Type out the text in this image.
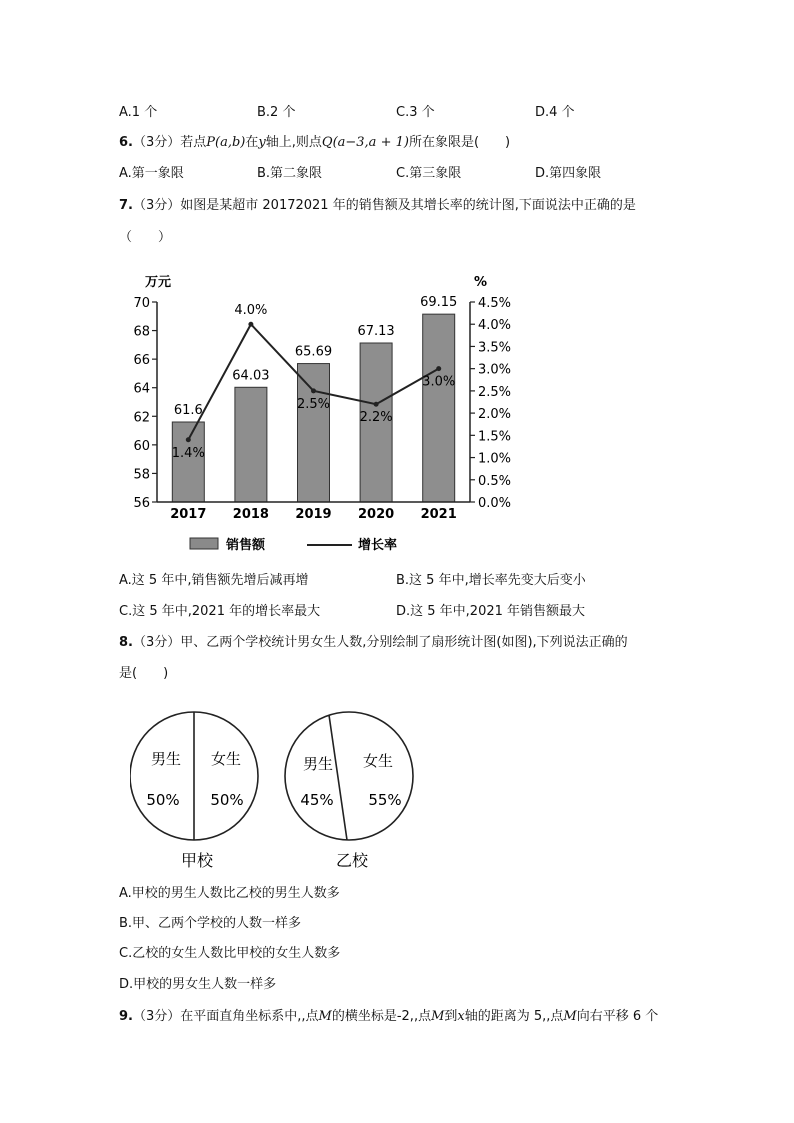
A.1 个	B.2 个	C.3 个	D.4 个
6.（3分）若点P(a,b)在y轴上,则点Q(a−3,a + 1)所在象限是(　　)
A.第一象限	B.第二象限	C.第三象限	D.第四象限
7.（3分）如图是某超市 20172021 年的销售额及其增长率的统计图,下面说法中正确的是
（　　）
56
58
60
62
64
66
68
70
0.0%
0.5%
1.0%
1.5%
2.0%
2.5%
3.0%
3.5%
4.0%
4.5%
61.6
2017
64.03
2018
65.69
2019
67.13
2020
69.15
2021
1.4%
4.0%
2.5%
2.2%
3.0%
万元	%
销售额	增长率
A.这 5 年中,销售额先增后减再增	B.这 5 年中,增长率先变大后变小
C.这 5 年中,2021 年的增长率最大	D.这 5 年中,2021 年销售额最大
8.（3分）甲、乙两个学校统计男女生人数,分别绘制了扇形统计图(如图),下列说法正确的
是(　　)
男生 女生
50% 50%
甲校
男生 女生
45% 55%
乙校
A.甲校的男生人数比乙校的男生人数多
B.甲、乙两个学校的人数一样多
C.乙校的女生人数比甲校的女生人数多
D.甲校的男女生人数一样多
9.（3分）在平面直角坐标系中,,点M的横坐标是-2,,点M到x轴的距离为 5,,点M向右平移 6 个
